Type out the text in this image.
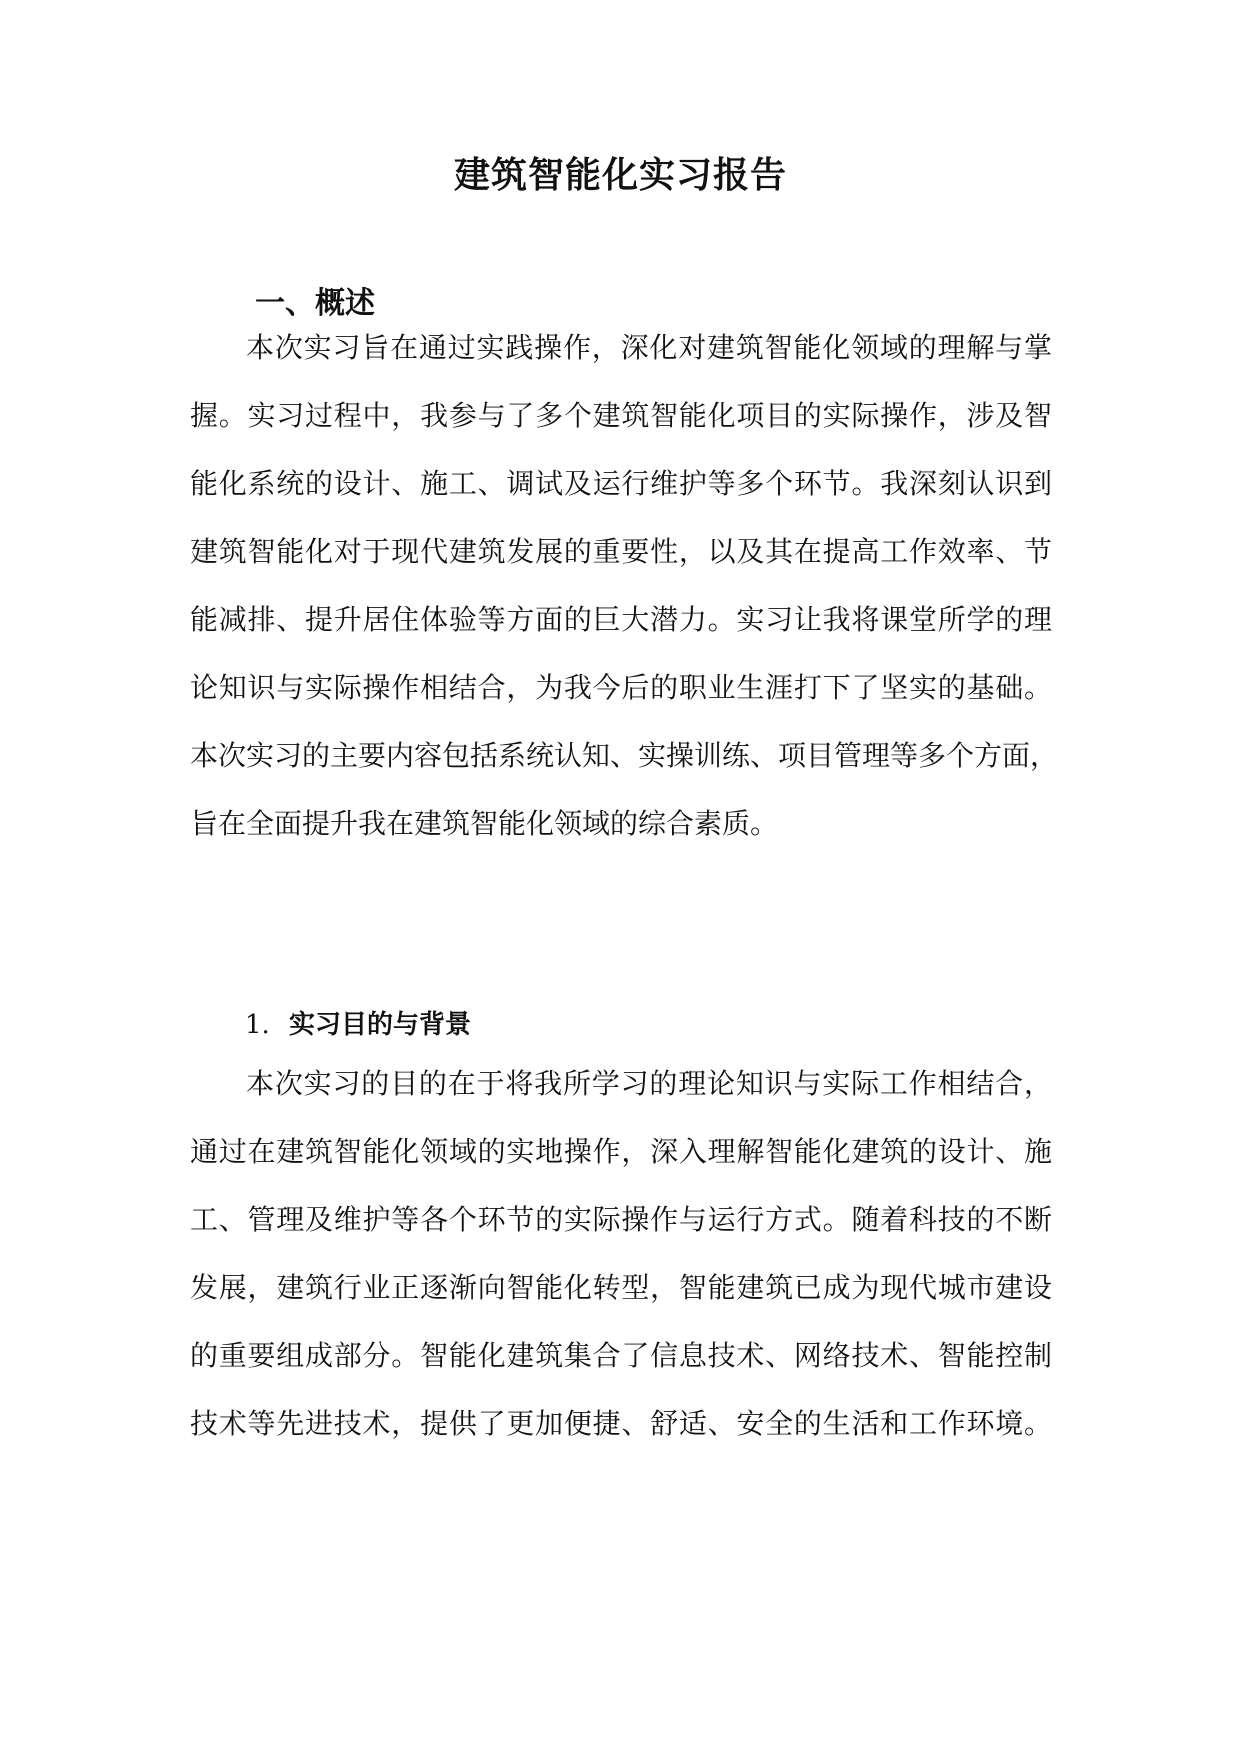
建筑智能化实习报告
一、概述

本次实习旨在通过实践操作，深化对建筑智能化领域的理解与掌

握。实习过程中，我参与了多个建筑智能化项目的实际操作，涉及智

能化系统的设计、施工、调试及运行维护等多个环节。我深刻认识到

建筑智能化对于现代建筑发展的重要性，以及其在提高工作效率、节

能减排、提升居住体验等方面的巨大潜力。实习让我将课堂所学的理

论知识与实际操作相结合，为我今后的职业生涯打下了坚实的基础。

本次实习的主要内容包括系统认知、实操训练、项目管理等多个方面，

旨在全面提升我在建筑智能化领域的综合素质。

1. 实习目的与背景

本次实习的目的在于将我所学习的理论知识与实际工作相结合，

通过在建筑智能化领域的实地操作，深入理解智能化建筑的设计、施

工、管理及维护等各个环节的实际操作与运行方式。随着科技的不断

发展，建筑行业正逐渐向智能化转型，智能建筑已成为现代城市建设

的重要组成部分。智能化建筑集合了信息技术、网络技术、智能控制

技术等先进技术，提供了更加便捷、舒适、安全的生活和工作环境。
